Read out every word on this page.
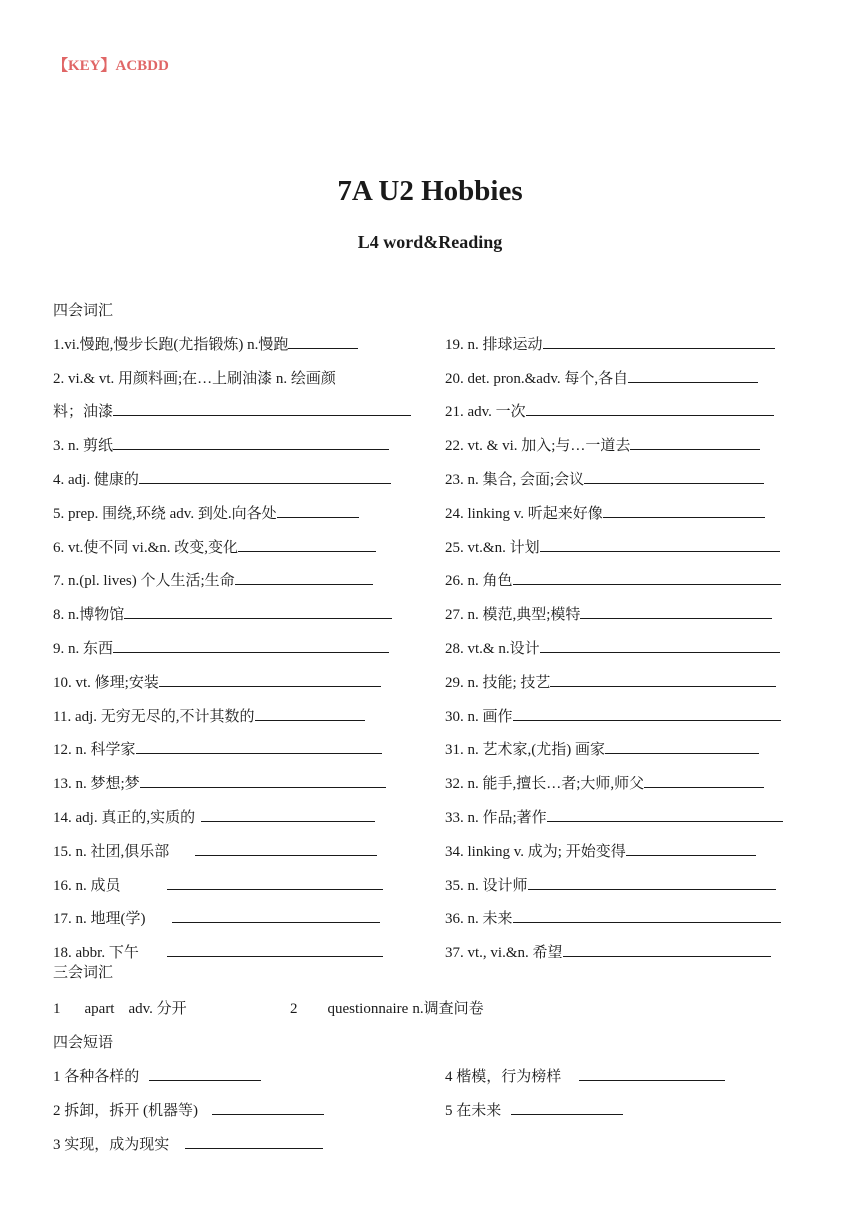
【KEY】ACBDD
7A U2 Hobbies
L4 word&Reading
四会词汇
1.vi.慢跑,慢步长跑(尤指锻炼) n.慢跑
2. vi.& vt. 用颜料画;在…上刷油漆 n. 绘画颜
料；油漆
3. n. 剪纸
4. adj. 健康的
5. prep. 围绕,环绕 adv. 到处.向各处
6. vt.使不同 vi.&n. 改变,变化
7. n.(pl. lives) 个人生活;生命
8. n.博物馆
9. n. 东西
10. vt. 修理;安装
11. adj. 无穷无尽的,不计其数的
12. n. 科学家
13. n. 梦想;梦
14. adj. 真正的,实质的
15. n. 社团,俱乐部
16. n. 成员
17. n. 地理(学)
18. abbr. 下午
19. n. 排球运动
20. det. pron.&adv. 每个,各自
21. adv. 一次
22. vt. & vi. 加入;与…一道去
23. n. 集合, 会面;会议
24. linking v. 听起来好像
25. vt.&n. 计划
26. n. 角色
27. n. 模范,典型;模特
28. vt.& n.设计
29. n. 技能; 技艺
30. n. 画作
31. n. 艺术家,(尤指) 画家
32. n. 能手,擅长…者;大师,师父
33. n. 作品;著作
34. linking v. 成为; 开始变得
35. n. 设计师
36. n. 未来
37. vt., vi.&n. 希望
三会词汇
1 apart adv. 分开	2 questionnaire n.调查问卷
四会短语
1 各种各样的
2 拆卸，拆开 (机器等)
3 实现，成为现实
4 楷模，行为榜样
5 在未来
